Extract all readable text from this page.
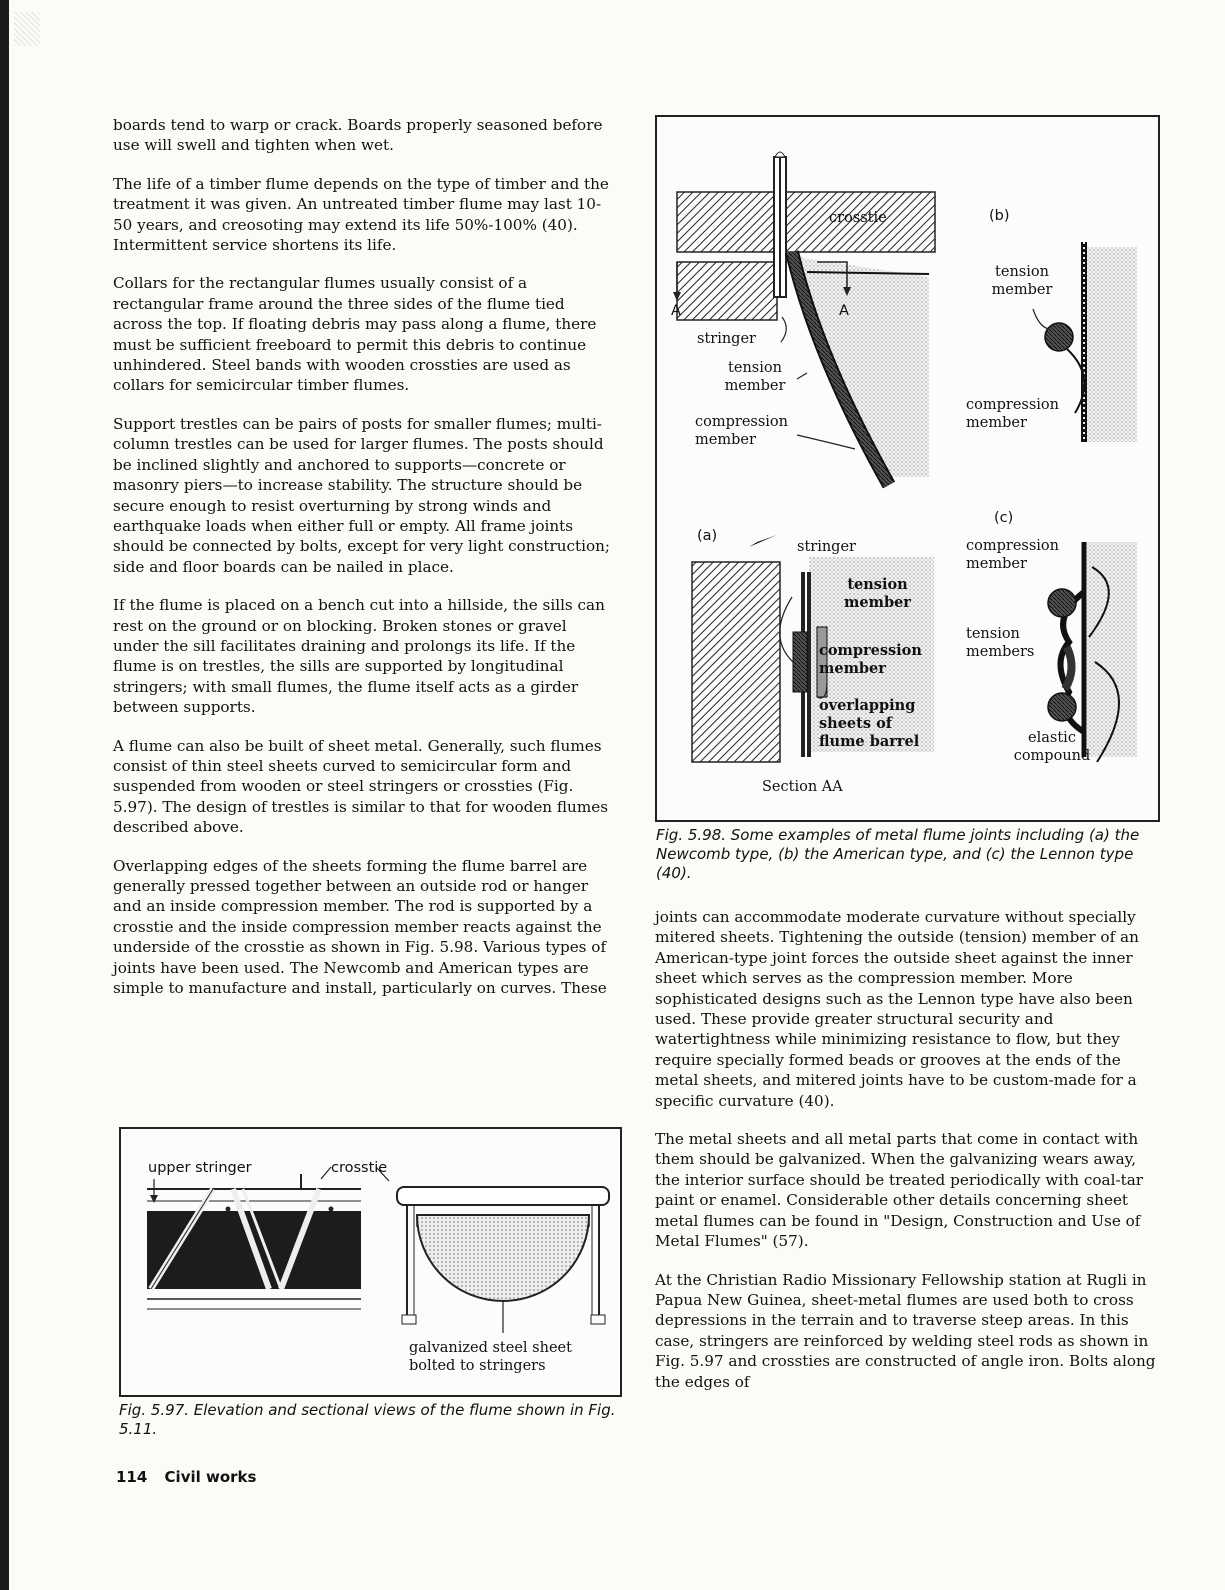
boards tend to warp or crack. Boards properly seasoned before use will swell and tighten when wet.

The life of a timber flume depends on the type of timber and the treatment it was given. An untreated timber flume may last 10-50 years, and creosoting may extend its life 50%-100% (40). Intermittent service shortens its life.

Collars for the rectangular flumes usually consist of a rectangular frame around the three sides of the flume tied across the top. If floating debris may pass along a flume, there must be sufficient freeboard to permit this debris to continue unhindered. Steel bands with wooden crossties are used as collars for semicircular timber flumes.

Support trestles can be pairs of posts for smaller flumes; multi-column trestles can be used for larger flumes. The posts should be inclined slightly and anchored to supports—concrete or masonry piers—to increase stability. The structure should be secure enough to resist overturning by strong winds and earthquake loads when either full or empty. All frame joints should be connected by bolts, except for very light construction; side and floor boards can be nailed in place.

If the flume is placed on a bench cut into a hillside, the sills can rest on the ground or on blocking. Broken stones or gravel under the sill facilitates draining and prolongs its life. If the flume is on trestles, the sills are supported by longitudinal stringers; with small flumes, the flume itself acts as a girder between supports.

A flume can also be built of sheet metal. Generally, such flumes consist of thin steel sheets curved to semicircular form and suspended from wooden or steel stringers or crossties (Fig. 5.97). The design of trestles is similar to that for wooden flumes described above.

Overlapping edges of the sheets forming the flume barrel are generally pressed together between an outside rod or hanger and an inside compression member. The rod is supported by a crosstie and the inside compression member reacts against the underside of the crosstie as shown in Fig. 5.98. Various types of joints have been used. The Newcomb and American types are simple to manufacture and install, particularly on curves. These

crosstie
A	A
stringer
tension member
compression member
(b)
tension member
compression member
(a)
stringer
tension member
compression member
overlapping sheets of flume barrel
Section AA
(c)
compression member
tension members
elastic compound
Fig. 5.98. Some examples of metal flume joints including (a) the Newcomb type, (b) the American type, and (c) the Lennon type (40).

joints can accommodate moderate curvature without specially mitered sheets. Tightening the outside (tension) member of an American-type joint forces the outside sheet against the inner sheet which serves as the compression member. More sophisticated designs such as the Lennon type have also been used. These provide greater structural security and watertightness while minimizing resistance to flow, but they require specially formed beads or grooves at the ends of the metal sheets, and mitered joints have to be custom-made for a specific curvature (40).

The metal sheets and all metal parts that come in contact with them should be galvanized. When the galvanizing wears away, the interior surface should be treated periodically with coal-tar paint or enamel. Considerable other details concerning sheet metal flumes can be found in "Design, Construction and Use of Metal Flumes" (57).

At the Christian Radio Missionary Fellowship station at Rugli in Papua New Guinea, sheet-metal flumes are used both to cross depressions in the terrain and to traverse steep areas. In this case, stringers are reinforced by welding steel rods as shown in Fig. 5.97 and crossties are constructed of angle iron. Bolts along the edges of

upper stringer	crosstie
galvanized steel sheet bolted to stringers
Fig. 5.97. Elevation and sectional views of the flume shown in Fig. 5.11.
114 Civil works
